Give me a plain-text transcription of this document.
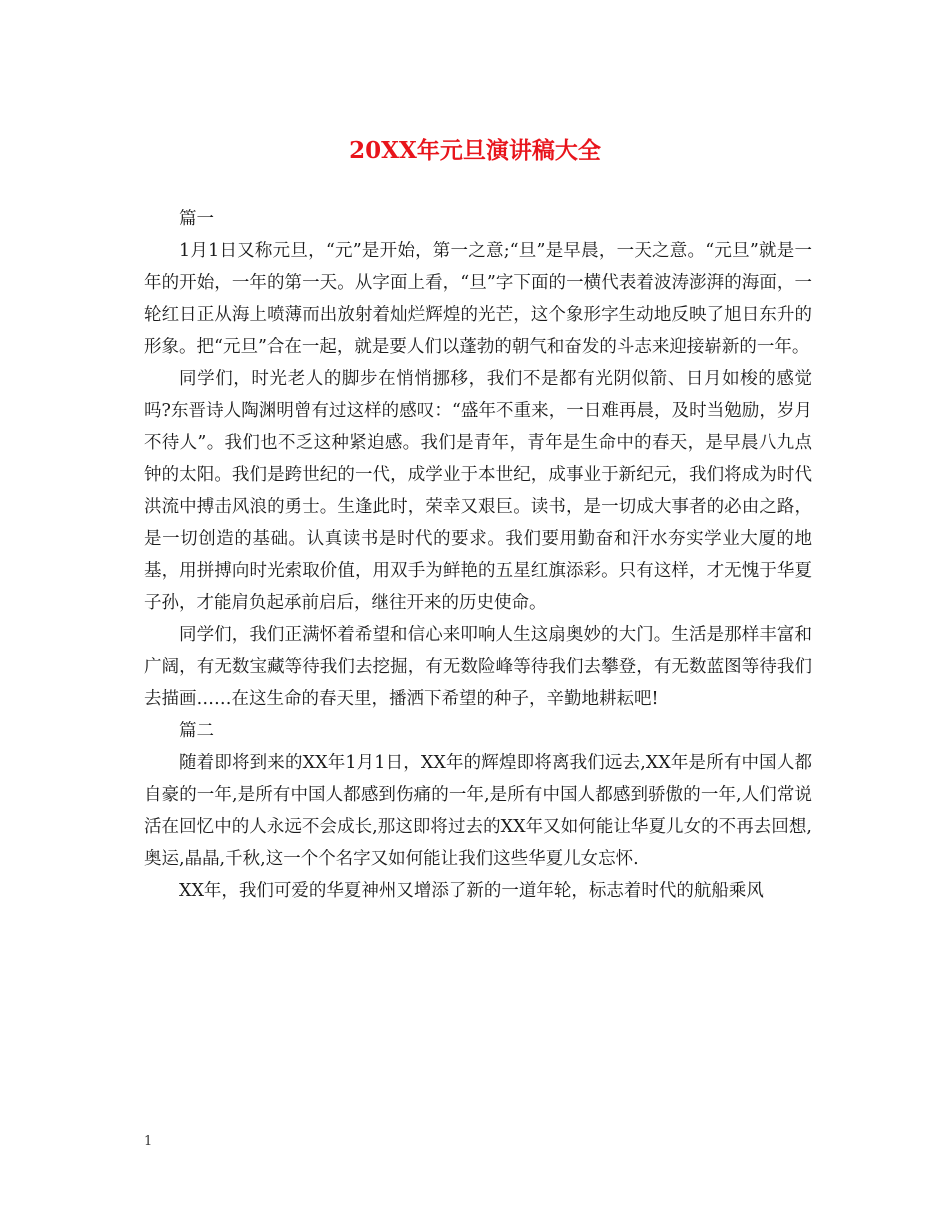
20XX年元旦演讲稿大全

篇一

1月1日又称元旦，“元”是开始，第一之意;“旦”是早晨，一天之意。“元旦”就是一年的开始，一年的第一天。从字面上看，“旦”字下面的一横代表着波涛澎湃的海面，一轮红日正从海上喷薄而出放射着灿烂辉煌的光芒，这个象形字生动地反映了旭日东升的形象。把“元旦”合在一起，就是要人们以蓬勃的朝气和奋发的斗志来迎接崭新的一年。

同学们，时光老人的脚步在悄悄挪移，我们不是都有光阴似箭、日月如梭的感觉吗?东晋诗人陶渊明曾有过这样的感叹：“盛年不重来，一日难再晨，及时当勉励，岁月不待人”。我们也不乏这种紧迫感。我们是青年，青年是生命中的春天，是早晨八九点钟的太阳。我们是跨世纪的一代，成学业于本世纪，成事业于新纪元，我们将成为时代洪流中搏击风浪的勇士。生逢此时，荣幸又艰巨。读书，是一切成大事者的必由之路，是一切创造的基础。认真读书是时代的要求。我们要用勤奋和汗水夯实学业大厦的地基，用拼搏向时光索取价值，用双手为鲜艳的五星红旗添彩。只有这样，才无愧于华夏子孙，才能肩负起承前启后，继往开来的历史使命。

同学们，我们正满怀着希望和信心来叩响人生这扇奥妙的大门。生活是那样丰富和广阔，有无数宝藏等待我们去挖掘，有无数险峰等待我们去攀登，有无数蓝图等待我们去描画……在这生命的春天里，播洒下希望的种子，辛勤地耕耘吧!

篇二

随着即将到来的XX年1月1日，XX年的辉煌即将离我们远去,XX年是所有中国人都自豪的一年,是所有中国人都感到伤痛的一年,是所有中国人都感到骄傲的一年,人们常说活在回忆中的人永远不会成长,那这即将过去的XX年又如何能让华夏儿女的不再去回想,奥运,晶晶,千秋,这一个个名字又如何能让我们这些华夏儿女忘怀.

XX年，我们可爱的华夏神州又增添了新的一道年轮，标志着时代的航船乘风

1
